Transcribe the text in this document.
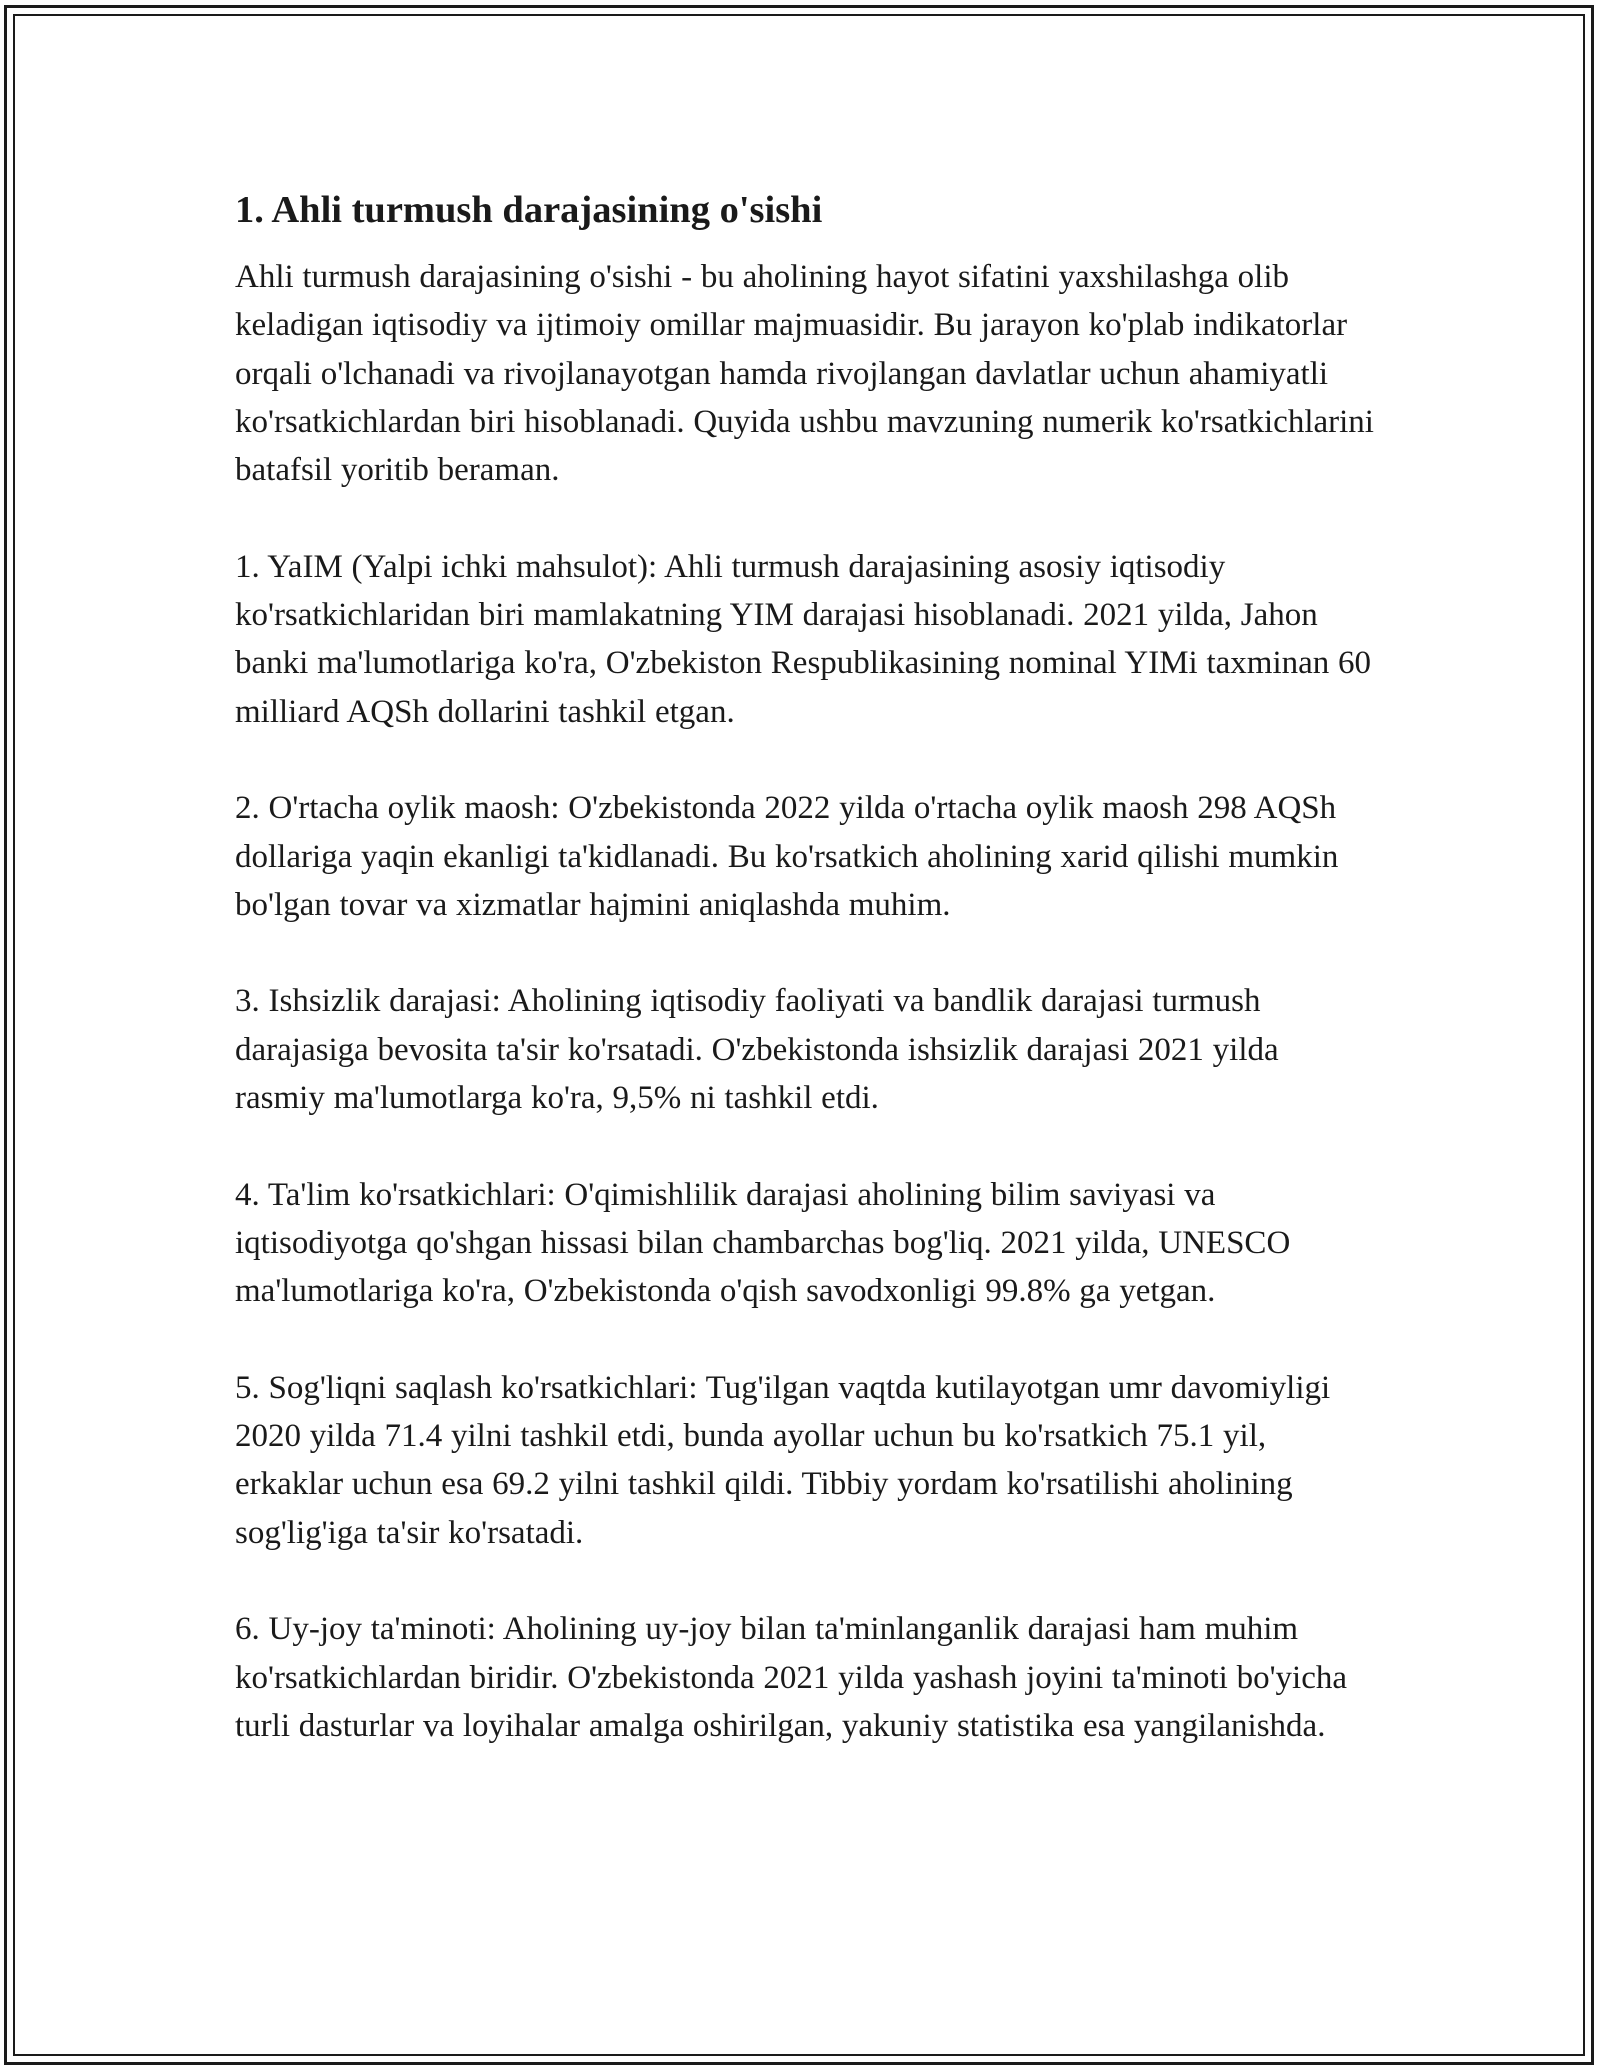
1. Ahli turmush darajasining o'sishi

Ahli turmush darajasining o'sishi - bu aholining hayot sifatini yaxshilashga olib keladigan iqtisodiy va ijtimoiy omillar majmuasidir. Bu jarayon ko'plab indikatorlar orqali o'lchanadi va rivojlanayotgan hamda rivojlangan davlatlar uchun ahamiyatli ko'rsatkichlardan biri hisoblanadi. Quyida ushbu mavzuning numerik ko'rsatkichlarini batafsil yoritib beraman.

1. YaIM (Yalpi ichki mahsulot): Ahli turmush darajasining asosiy iqtisodiy ko'rsatkichlaridan biri mamlakatning YIM darajasi hisoblanadi. 2021 yilda, Jahon banki ma'lumotlariga ko'ra, O'zbekiston Respublikasining nominal YIMi taxminan 60 milliard AQSh dollarini tashkil etgan.

2. O'rtacha oylik maosh: O'zbekistonda 2022 yilda o'rtacha oylik maosh 298 AQSh dollariga yaqin ekanligi ta'kidlanadi. Bu ko'rsatkich aholining xarid qilishi mumkin bo'lgan tovar va xizmatlar hajmini aniqlashda muhim.

3. Ishsizlik darajasi: Aholining iqtisodiy faoliyati va bandlik darajasi turmush darajasiga bevosita ta'sir ko'rsatadi. O'zbekistonda ishsizlik darajasi 2021 yilda rasmiy ma'lumotlarga ko'ra, 9,5% ni tashkil etdi.

4. Ta'lim ko'rsatkichlari: O'qimishlilik darajasi aholining bilim saviyasi va iqtisodiyotga qo'shgan hissasi bilan chambarchas bog'liq. 2021 yilda, UNESCO ma'lumotlariga ko'ra, O'zbekistonda o'qish savodxonligi 99.8% ga yetgan.

5. Sog'liqni saqlash ko'rsatkichlari: Tug'ilgan vaqtda kutilayotgan umr davomiyligi 2020 yilda 71.4 yilni tashkil etdi, bunda ayollar uchun bu ko'rsatkich 75.1 yil, erkaklar uchun esa 69.2 yilni tashkil qildi. Tibbiy yordam ko'rsatilishi aholining sog'lig'iga ta'sir ko'rsatadi.

6. Uy-joy ta'minoti: Aholining uy-joy bilan ta'minlanganlik darajasi ham muhim ko'rsatkichlardan biridir. O'zbekistonda 2021 yilda yashash joyini ta'minoti bo'yicha turli dasturlar va loyihalar amalga oshirilgan, yakuniy statistika esa yangilanishda.
